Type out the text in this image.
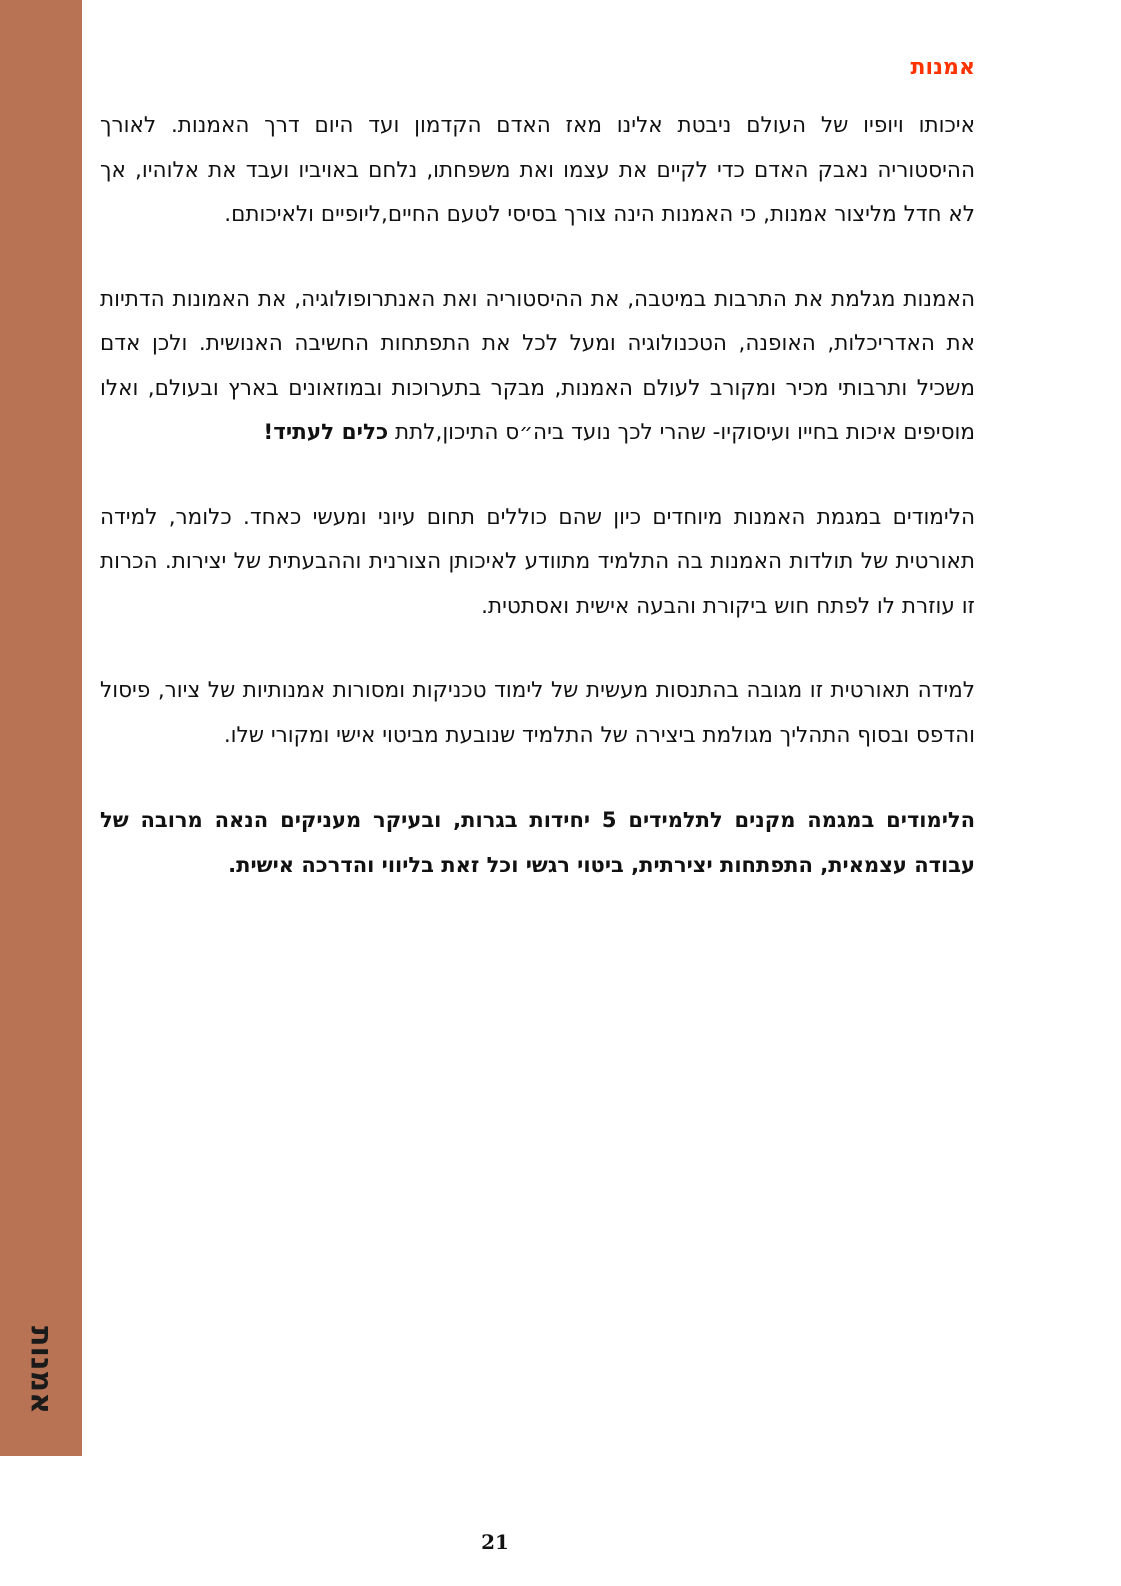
אמנות
אמנות

איכותו ויופיו של העולם ניבטת אלינו מאז האדם הקדמון ועד היום דרך האמנות. לאורך ההיסטוריה נאבק האדם כדי לקיים את עצמו ואת משפחתו, נלחם באויביו ועבד את אלוהיו, אך לא חדל מליצור אמנות, כי האמנות הינה צורך בסיסי לטעם החיים,ליופיים ולאיכותם.

האמנות מגלמת את התרבות במיטבה, את ההיסטוריה ואת האנתרופולוגיה, את האמונות הדתיות את האדריכלות, האופנה, הטכנולוגיה ומעל לכל את התפתחות החשיבה האנושית. ולכן אדם משכיל ותרבותי מכיר ומקורב לעולם האמנות, מבקר בתערוכות ובמוזאונים בארץ ובעולם, ואלו מוסיפים איכות בחייו ועיסוקיו- שהרי לכך נועד ביה״ס התיכון,לתת כלים לעתיד!

הלימודים במגמת האמנות מיוחדים כיון שהם כוללים תחום עיוני ומעשי כאחד. כלומר, למידה תאורטית של תולדות האמנות בה התלמיד מתוודע לאיכותן הצורנית וההבעתית של יצירות. הכרות זו עוזרת לו לפתח חוש ביקורת והבעה אישית ואסתטית.

למידה תאורטית זו מגובה בהתנסות מעשית של לימוד טכניקות ומסורות אמנותיות של ציור, פיסול והדפס ובסוף התהליך מגולמת ביצירה של התלמיד שנובעת מביטוי אישי ומקורי שלו.

הלימודים במגמה מקנים לתלמידים 5 יחידות בגרות, ובעיקר מעניקים הנאה מרובה של עבודה עצמאית, התפתחות יצירתית, ביטוי רגשי וכל זאת בליווי והדרכה אישית.

21
